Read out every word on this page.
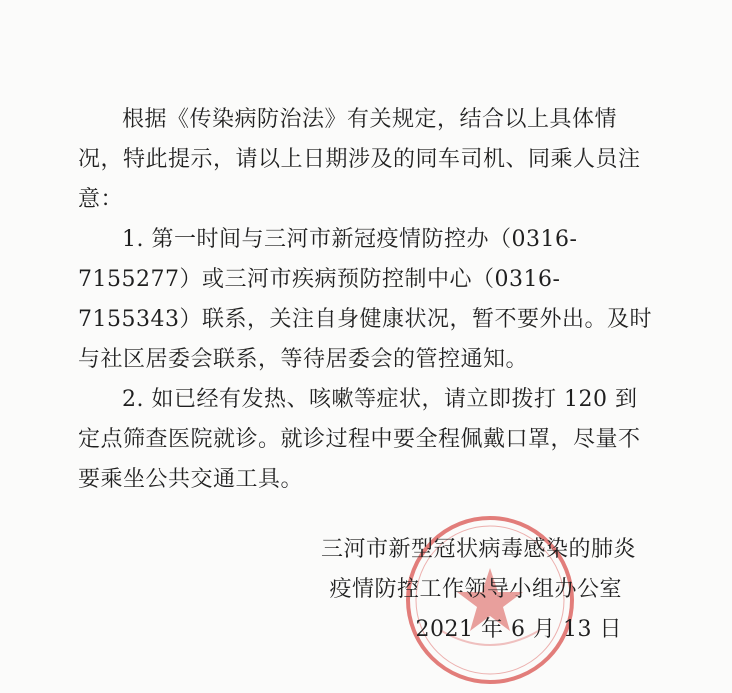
根据《传染病防治法》有关规定，结合以上具体情况，特此提示，请以上日期涉及的同车司机、同乘人员注意：

1. 第一时间与三河市新冠疫情防控办（0316-7155277）或三河市疾病预防控制中心（0316-7155343）联系，关注自身健康状况，暂不要外出。及时与社区居委会联系，等待居委会的管控通知。

2. 如已经有发热、咳嗽等症状，请立即拨打 120 到定点筛查医院就诊。就诊过程中要全程佩戴口罩，尽量不要乘坐公共交通工具。

三河市新型冠状病毒感染的肺炎
疫情防控工作领导小组办公室
2021 年 6 月 13 日
